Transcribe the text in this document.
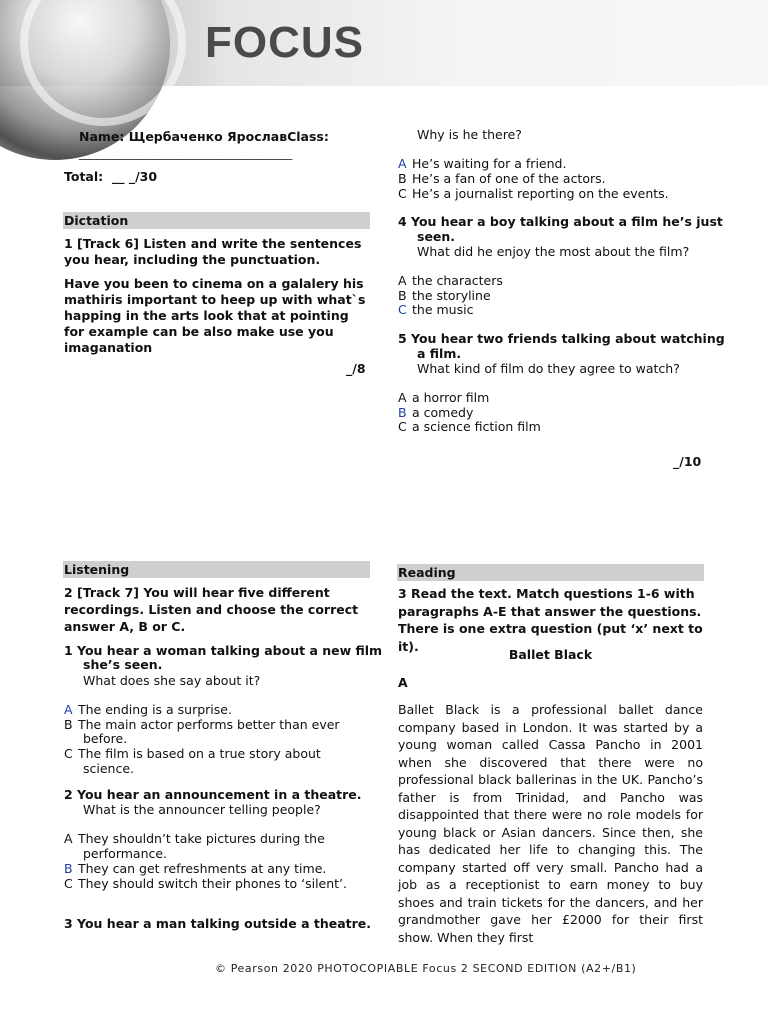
FOCUS
Name: Щербаченко ЯрославClass:
_____________________________________
Total: __ _/30
Dictation
1 [Track 6] Listen and write the sentences you hear, including the punctuation.
Have you been to cinema on a galalery his mathiris important to heep up with what`s happing in the arts look that at pointing for example can be also make use you imaganation
_/8
Listening
2 [Track 7] You will hear five different recordings. Listen and choose the correct answer A, B or C.
1 You hear a woman talking about a new film
she’s seen.
What does she say about it?
A The ending is a surprise.
B The main actor performs better than ever
before.
C The film is based on a true story about
science.
2 You hear an announcement in a theatre.
What is the announcer telling people?
A They shouldn’t take pictures during the
performance.
B They can get refreshments at any time.
C They should switch their phones to ‘silent’.
3 You hear a man talking outside a theatre.
Why is he there?
A He’s waiting for a friend.
B He’s a fan of one of the actors.
C He’s a journalist reporting on the events.
4 You hear a boy talking about a film he’s just
seen.
What did he enjoy the most about the film?
A the characters
B the storyline
C the music
5 You hear two friends talking about watching
a film.
What kind of film do they agree to watch?
A a horror film
B a comedy
C a science fiction film
_/10
Reading
3 Read the text. Match questions 1-6 with paragraphs A-E that answer the questions. There is one extra question (put ‘x’ next to it).
Ballet Black
A
Ballet Black is a professional ballet dance company based in London. It was started by a young woman called Cassa Pancho in 2001 when she discovered that there were no professional black ballerinas in the UK. Pancho’s father is from Trinidad, and Pancho was disappointed that there were no role models for young black or Asian dancers. Since then, she has dedicated her life to changing this. The company started off very small. Pancho had a job as a receptionist to earn money to buy shoes and train tickets for the dancers, and her grandmother gave her £2000 for their first show. When they first
© Pearson 2020 PHOTOCOPIABLE Focus 2 SECOND EDITION (A2+/B1)
